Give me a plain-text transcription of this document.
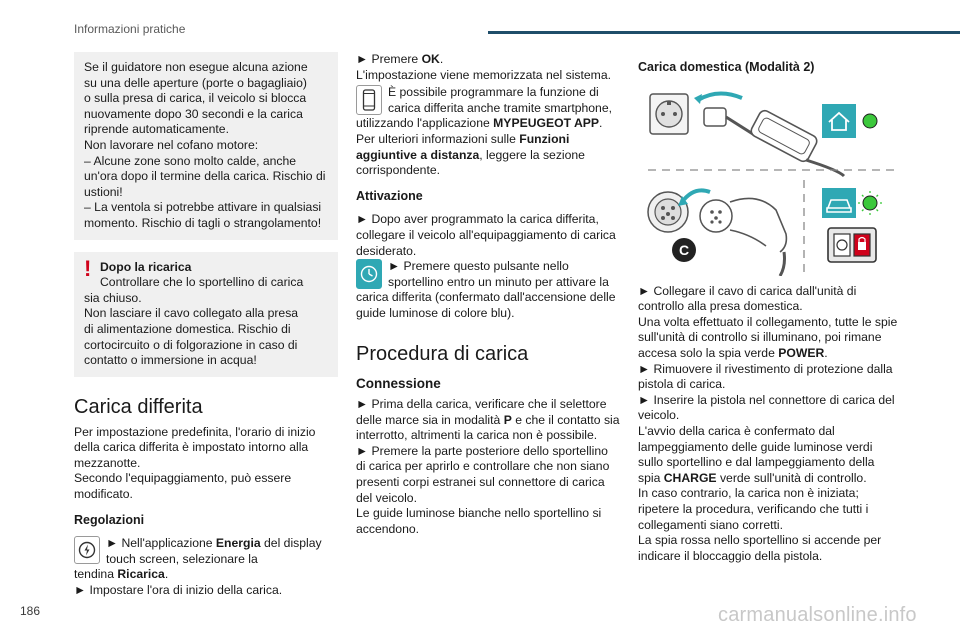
Informazioni pratiche

Se il guidatore non esegue alcuna azione

su una delle aperture (porte o bagagliaio)

o sulla presa di carica, il veicolo si blocca

nuovamente dopo 30 secondi e la carica

riprende automaticamente.

Non lavorare nel cofano motore:

– Alcune zone sono molto calde, anche

un'ora dopo il termine della carica. Rischio di

ustioni!

– La ventola si potrebbe attivare in qualsiasi

momento. Rischio di tagli o strangolamento!

! Dopo la ricarica

Controllare che lo sportellino di carica

sia chiuso.

Non lasciare il cavo collegato alla presa

di alimentazione domestica. Rischio di

cortocircuito o di folgorazione in caso di

contatto o immersione in acqua!

Carica differita

Per impostazione predefinita, l'orario di inizio

della carica differita è impostato intorno alla

mezzanotte.

Secondo l'equipaggiamento, può essere

modificato.

Regolazioni

► Nell'applicazione Energia del display

touch screen, selezionare la

tendina Ricarica.

► Impostare l'ora di inizio della carica.

► Premere OK.

L'impostazione viene memorizzata nel sistema.

È possibile programmare la funzione di

carica differita anche tramite smartphone,

utilizzando l'applicazione MYPEUGEOT APP.

Per ulteriori informazioni sulle Funzioni

aggiuntive a distanza, leggere la sezione

corrispondente.

Attivazione

► Dopo aver programmato la carica differita,

collegare il veicolo all'equipaggiamento di carica

desiderato.

► Premere questo pulsante nello

sportellino entro un minuto per attivare la

carica differita (confermato dall'accensione delle

guide luminose di colore blu).

Procedura di carica
Connessione

► Prima della carica, verificare che il selettore

delle marce sia in modalità P e che il contatto sia

interrotto, altrimenti la carica non è possibile.

► Premere la parte posteriore dello sportellino

di carica per aprirlo e controllare che non siano

presenti corpi estranei sul connettore di carica

del veicolo.

Le guide luminose bianche nello sportellino si

accendono.

Carica domestica (Modalità 2)
C

► Collegare il cavo di carica dall'unità di

controllo alla presa domestica.

Una volta effettuato il collegamento, tutte le spie

sull'unità di controllo si illuminano, poi rimane

accesa solo la spia verde POWER.

► Rimuovere il rivestimento di protezione dalla

pistola di carica.

► Inserire la pistola nel connettore di carica del

veicolo.

L'avvio della carica è confermato dal

lampeggiamento delle guide luminose verdi

sullo sportellino e dal lampeggiamento della

spia CHARGE verde sull'unità di controllo.

In caso contrario, la carica non è iniziata;

ripetere la procedura, verificando che tutti i

collegamenti siano corretti.

La spia rossa nello sportellino si accende per

indicare il bloccaggio della pistola.

186	carmanualsonline.info
